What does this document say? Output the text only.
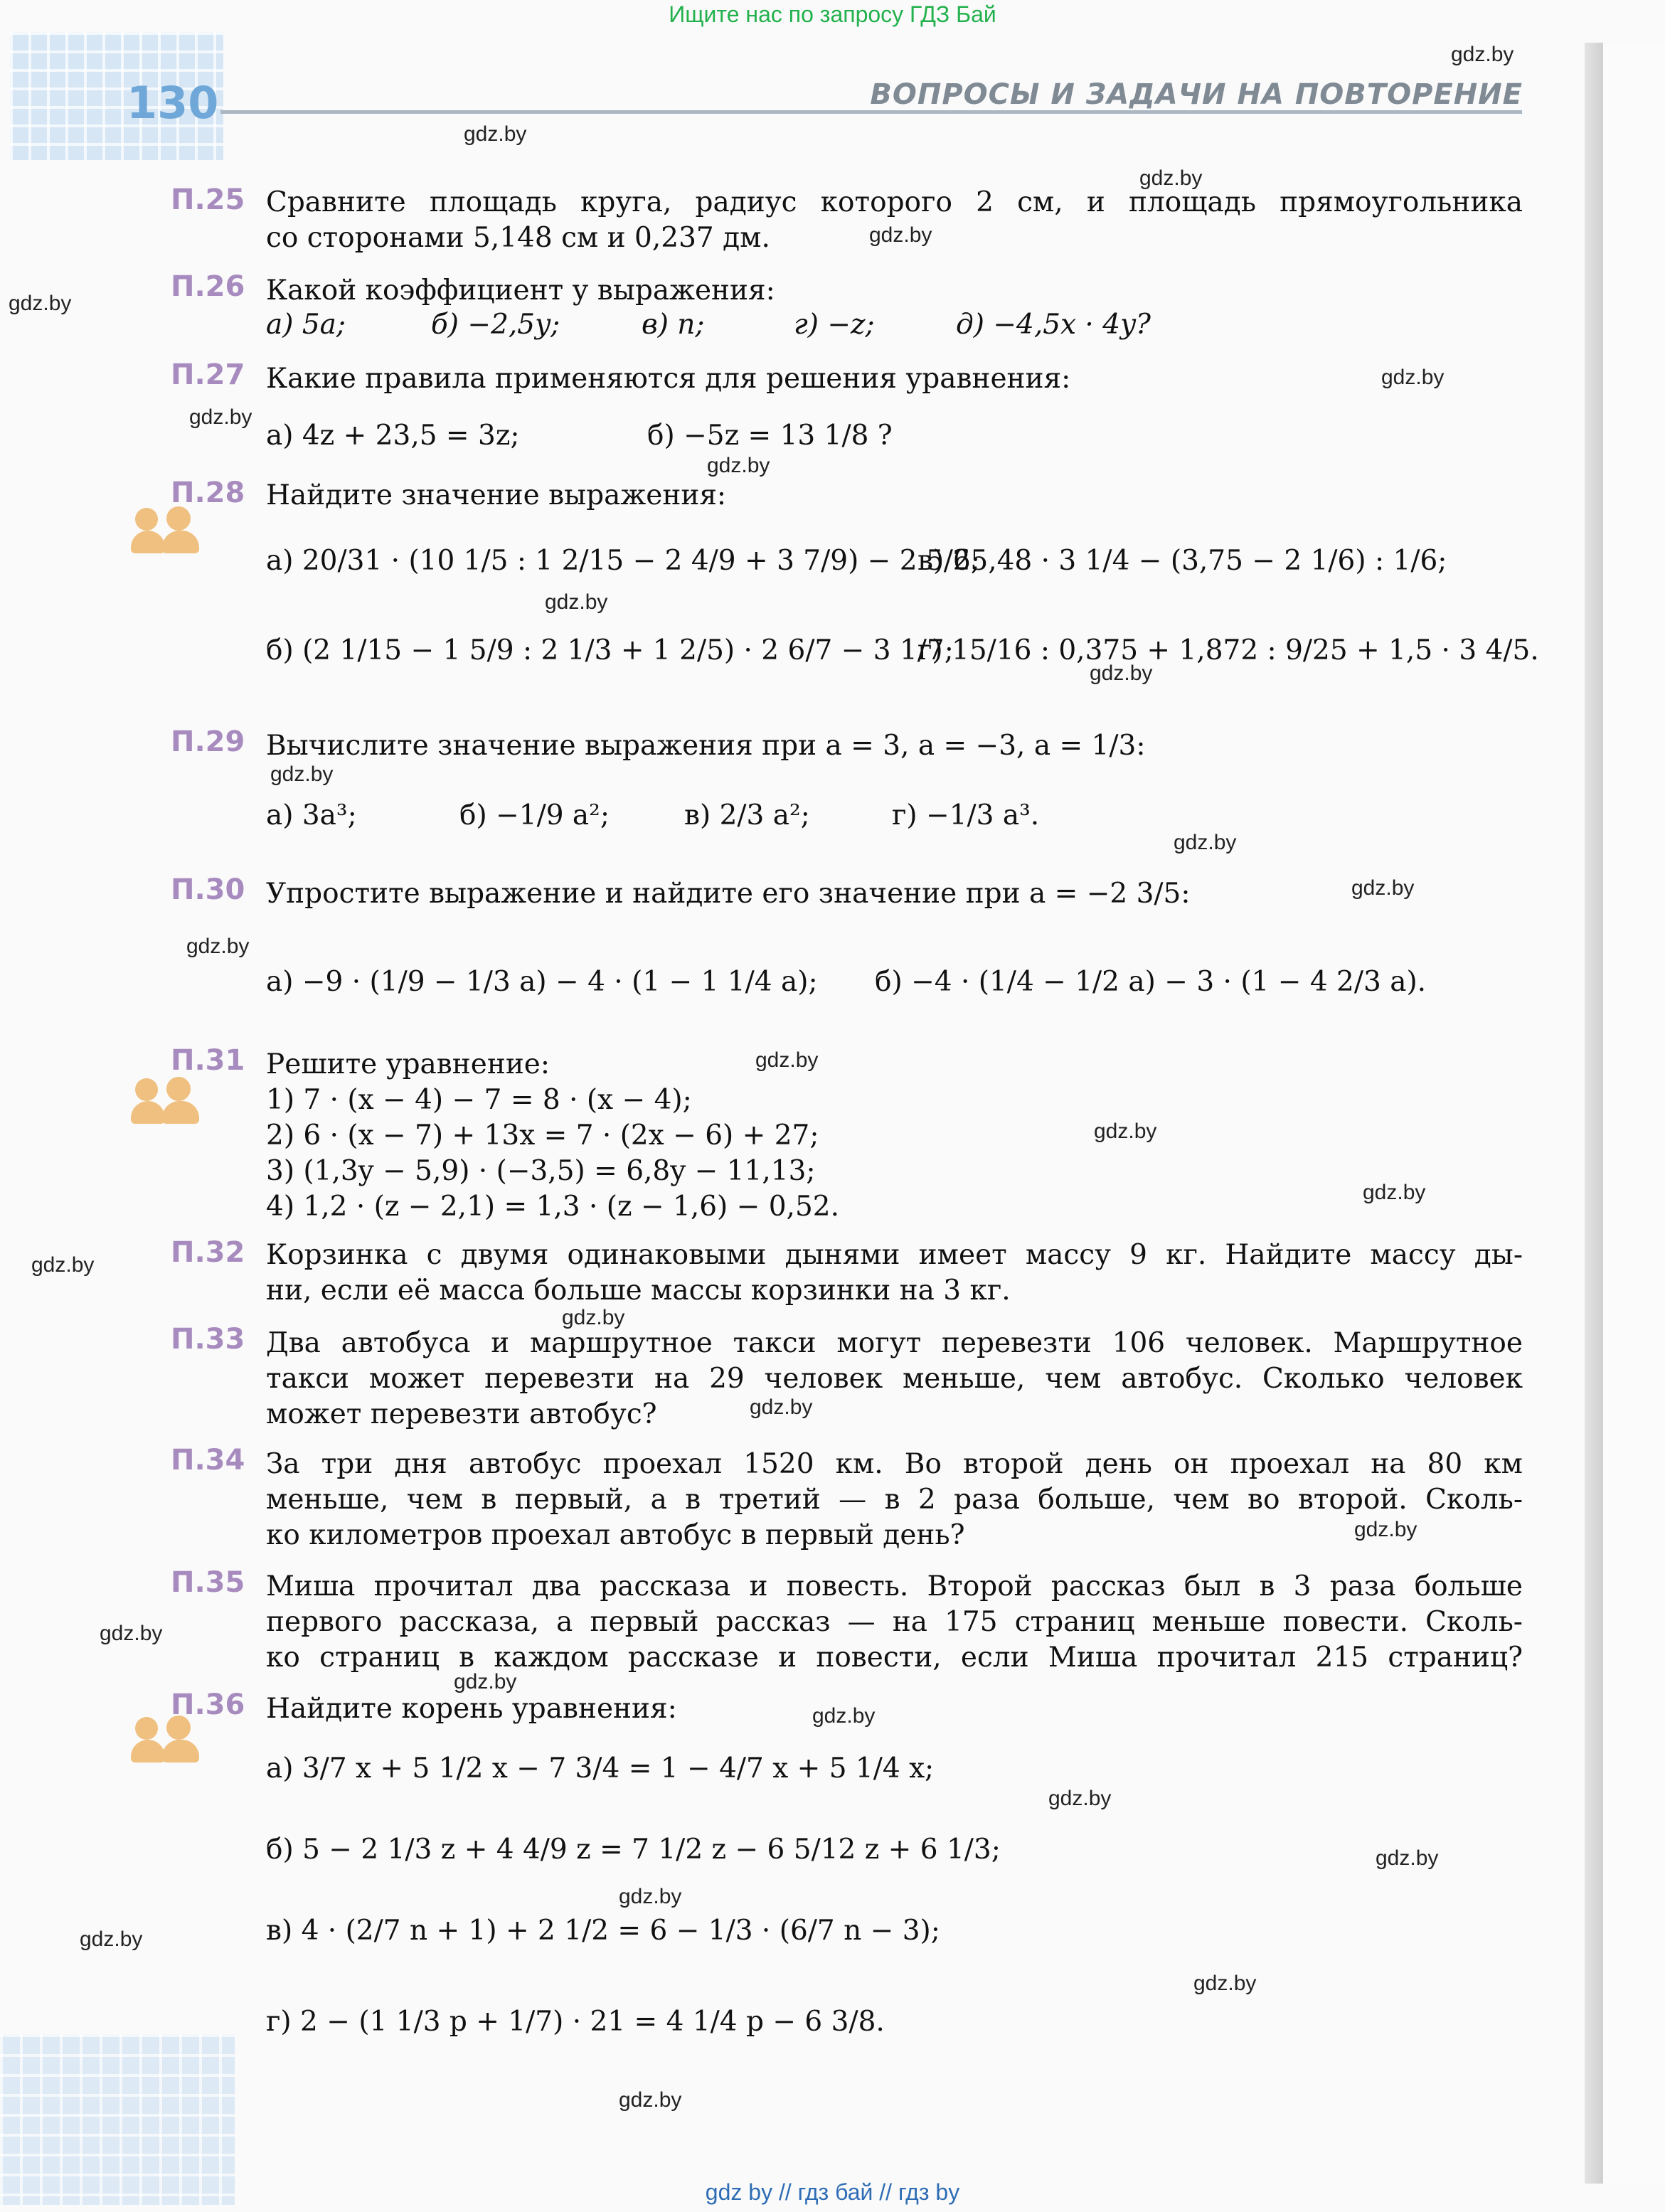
Ищите нас по запросу ГДЗ Бай
130	ВОПРОСЫ И ЗАДАЧИ НА ПОВТОРЕНИЕ
gdz.by
gdz.by
gdz.by
gdz.by
gdz.by
gdz.by
gdz.by
gdz.by
gdz.by
gdz.by
gdz.by
gdz.by
gdz.by
gdz.by
gdz.by
gdz.by
gdz.by
gdz.by
gdz.by
gdz.by
gdz.by
gdz.by
gdz.by
gdz.by
gdz.by
gdz.by
gdz.by
gdz.by
gdz.by
gdz.by
П.25 Сравните площадь круга, радиус которого 2 см, и площадь прямоугольника
со сторонами 5,148 см и 0,237 дм.
П.26 Какой коэффициент у выражения:
а) 5a;	б) −2,5y;	в) n;	г) −z;	д) −4,5x · 4y?
П.27 Какие правила применяются для решения уравнения:
а) 4z + 23,5 = 3z;	б) −5z = 13 1/8 ?
П.28 Найдите значение выражения:
а) 20/31 · (10 1/5 : 1 2/15 − 2 4/9 + 3 7/9) − 2 5/6;
в) 25,48 · 3 1/4 − (3,75 − 2 1/6) : 1/6;
б) (2 1/15 − 1 5/9 : 2 1/3 + 1 2/5) · 2 6/7 − 3 1/7;
г) 15/16 : 0,375 + 1,872 : 9/25 + 1,5 · 3 4/5.
П.29 Вычислите значение выражения при a = 3, a = −3, a = 1/3:
а) 3a³;	б) −1/9 a²;	в) 2/3 a²;	г) −1/3 a³.
П.30 Упростите выражение и найдите его значение при a = −2 3/5:
а) −9 · (1/9 − 1/3 a) − 4 · (1 − 1 1/4 a); б) −4 · (1/4 − 1/2 a) − 3 · (1 − 4 2/3 a).
П.31 Решите уравнение:
1) 7 · (x − 4) − 7 = 8 · (x − 4);
2) 6 · (x − 7) + 13x = 7 · (2x − 6) + 27;
3) (1,3y − 5,9) · (−3,5) = 6,8y − 11,13;
4) 1,2 · (z − 2,1) = 1,3 · (z − 1,6) − 0,52.
П.32 Корзинка с двумя одинаковыми дынями имеет массу 9 кг. Найдите массу ды-
ни, если её масса больше массы корзинки на 3 кг.
П.33 Два автобуса и маршрутное такси могут перевезти 106 человек. Маршрутное
такси может перевезти на 29 человек меньше, чем автобус. Сколько человек
может перевезти автобус?
П.34 За три дня автобус проехал 1520 км. Во второй день он проехал на 80 км
меньше, чем в первый, а в третий — в 2 раза больше, чем во второй. Сколь-
ко километров проехал автобус в первый день?
П.35 Миша прочитал два рассказа и повесть. Второй рассказ был в 3 раза больше
первого рассказа, а первый рассказ — на 175 страниц меньше повести. Сколь-
ко страниц в каждом рассказе и повести, если Миша прочитал 215 страниц?
П.36 Найдите корень уравнения:
а) 3/7 x + 5 1/2 x − 7 3/4 = 1 − 4/7 x + 5 1/4 x;
б) 5 − 2 1/3 z + 4 4/9 z = 7 1/2 z − 6 5/12 z + 6 1/3;
в) 4 · (2/7 n + 1) + 2 1/2 = 6 − 1/3 · (6/7 n − 3);
г) 2 − (1 1/3 p + 1/7) · 21 = 4 1/4 p − 6 3/8.
gdz by // гдз бай // гдз by
